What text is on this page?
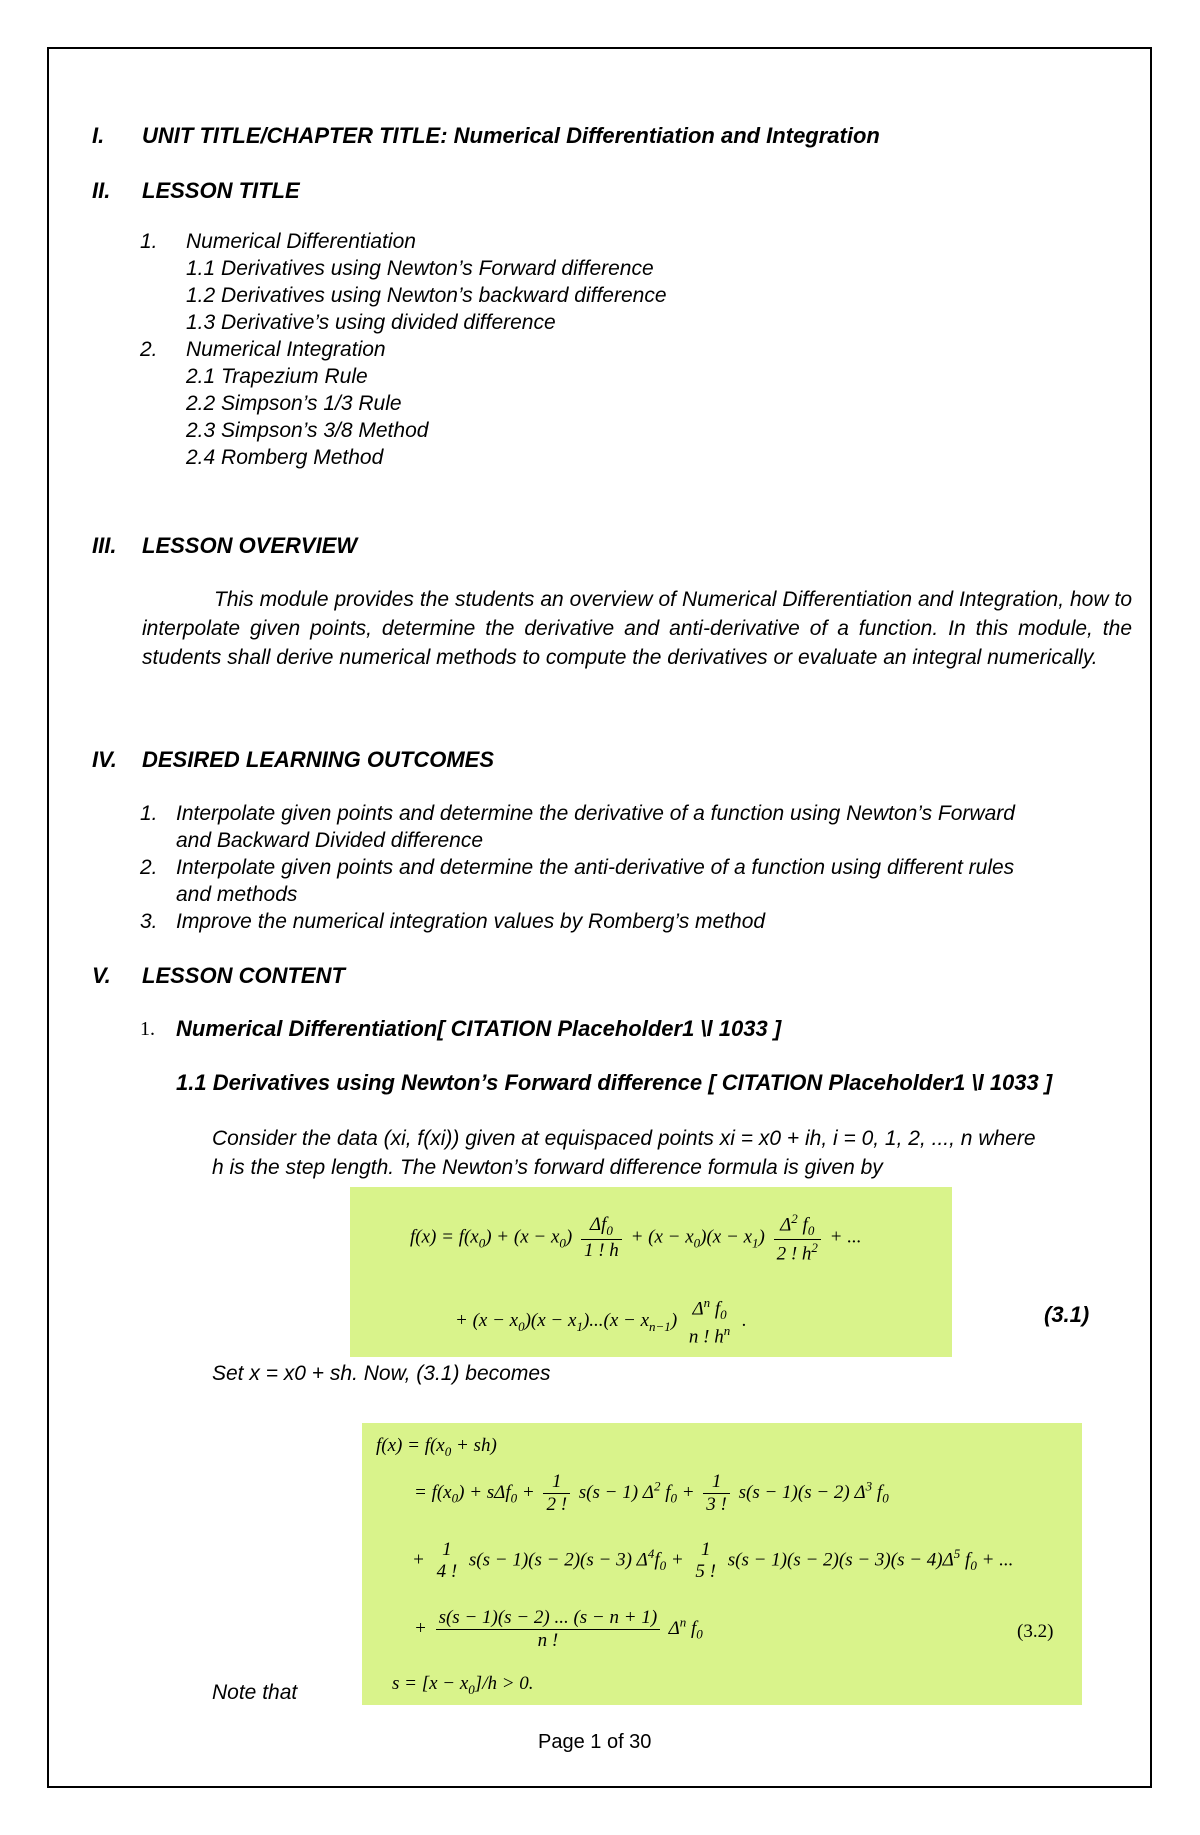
I. UNIT TITLE/CHAPTER TITLE: Numerical Differentiation and Integration
II. LESSON TITLE
1. Numerical Differentiation
1.1 Derivatives using Newton’s Forward difference
1.2 Derivatives using Newton’s backward difference
1.3 Derivative’s using divided difference
2. Numerical Integration
2.1 Trapezium Rule
2.2 Simpson’s 1/3 Rule
2.3 Simpson’s 3/8 Method
2.4 Romberg Method
III. LESSON OVERVIEW
This module provides the students an overview of Numerical Differentiation and Integration, how to interpolate given points, determine the derivative and anti-derivative of a function. In this module, the students shall derive numerical methods to compute the derivatives or evaluate an integral numerically.
IV. DESIRED LEARNING OUTCOMES
1. Interpolate given points and determine the derivative of a function using Newton’s Forward
and Backward Divided difference
2. Interpolate given points and determine the anti-derivative of a function using different rules
and methods
3. Improve the numerical integration values by Romberg’s method
V. LESSON CONTENT
1. Numerical Differentiation[ CITATION Placeholder1 \l 1033 ]
1.1 Derivatives using Newton’s Forward difference [ CITATION Placeholder1 \l 1033 ]
Consider the data (xi, f(xi)) given at equispaced points xi = x0 + ih, i = 0, 1, 2, ..., n where
h is the step length. The Newton’s forward difference formula is given by
$f(x) = f(x_0) + (x - x_0) \frac{\Delta f_0}{1 ! h} + (x - x_0)(x - x_1) \frac{\Delta^2 f_0}{2 ! h^2}$ + ...
+ $(x - x_0)(x - x_1)...(x - x_{n-1})$
$\Delta^n$ $f_0$
n ! $h^n$ .	(3.1)
Set x = x0 + sh. Now, (3.1) becomes
$f(x) = f(x_0 + sh)$
= $f(x_0) + s\Delta f_0 + \frac{1}{2 !} s(s - 1)$ $\Delta^2$ $f_0 + \frac{1}{3 !} s(s - 1)(s - 2)$ $\Delta^3$ $f_0$
+ 1
4 !
s(s − 1)(s − 2)(s − 3) $\Delta^4f_0 + 1$
5 !
$s(s - 1)(s - 2)(s - 3)(s - 4)\Delta^5$ $f_0$ + ...
+ $\frac{s(s - 1)(s - 2) ... (s - n + 1)}{n !} \Delta^n$ $f_0$	(3.2)
$s = [x - x_0]/h > 0$.
Note that
Page 1 of 30
